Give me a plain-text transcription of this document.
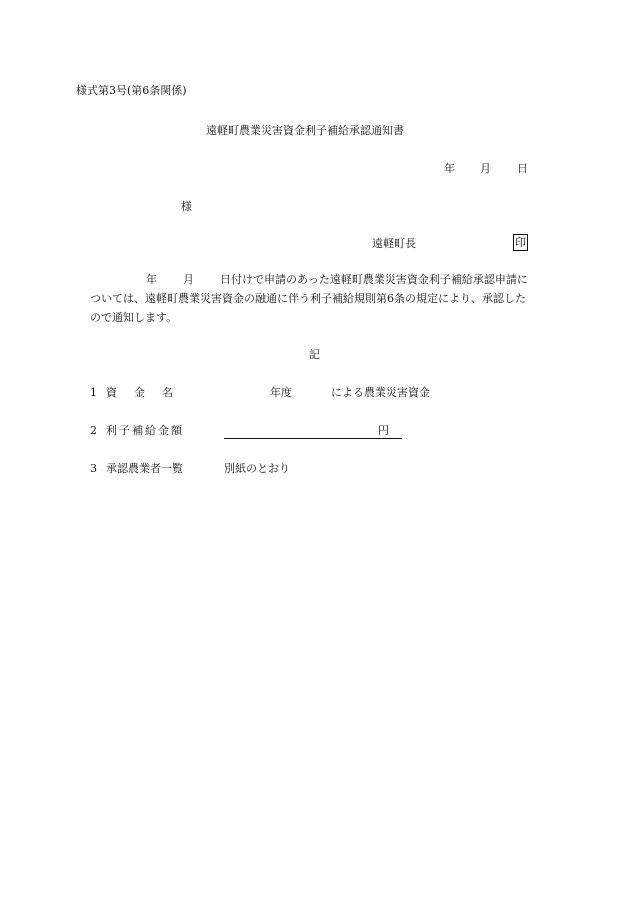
様式第3号(第6条関係)
遠軽町農業災害資金利子補給承認通知書
年 月 日
様
遠軽町長	印
年 月 日付けで申請のあった遠軽町農業災害資金利子補給承認申請に
ついては、遠軽町農業災害資金の融通に伴う利子補給規則第6条の規定により、承認した
ので通知します。
記
1 資金名	年度	による農業災害資金
2 利子補給金額	円
3 承認農業者一覧	別紙のとおり
